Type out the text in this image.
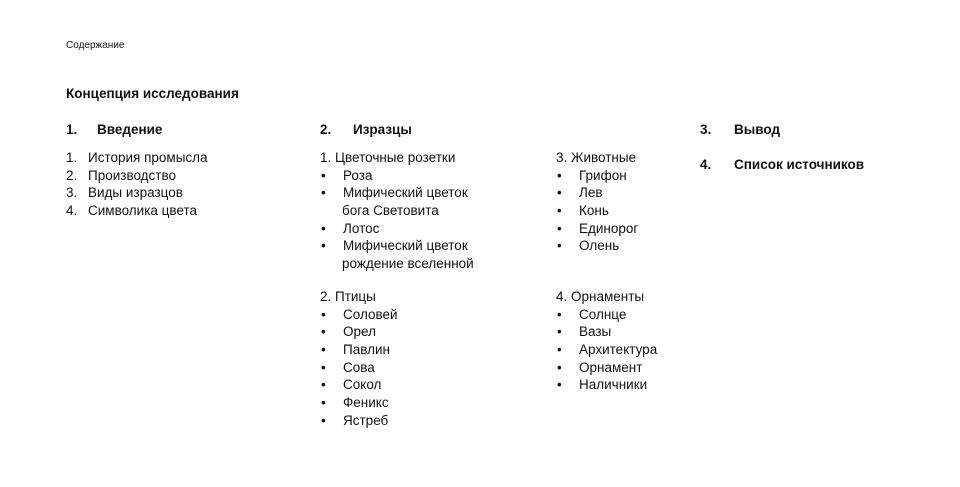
Содержание
Концепция исследования
1. Введение
1. История промысла
2. Производство
3. Виды изразцов
4. Символика цвета
2. Изразцы
1. Цветочные розетки
•	Роза
•	Мифический цветок
бога Световита
•	Лотос
•	Мифический цветок
рождение вселенной
2. Птицы
•	Соловей
•	Орел
•	Павлин
•	Сова
•	Сокол
•	Феникс
•	Ястреб
3. Животные
•	Грифон
•	Лев
•	Конь
•	Единорог
•	Олень
4. Орнаменты
•	Солнце
•	Вазы
•	Архитектура
•	Орнамент
•	Наличники
3. Вывод
4. Список источников
